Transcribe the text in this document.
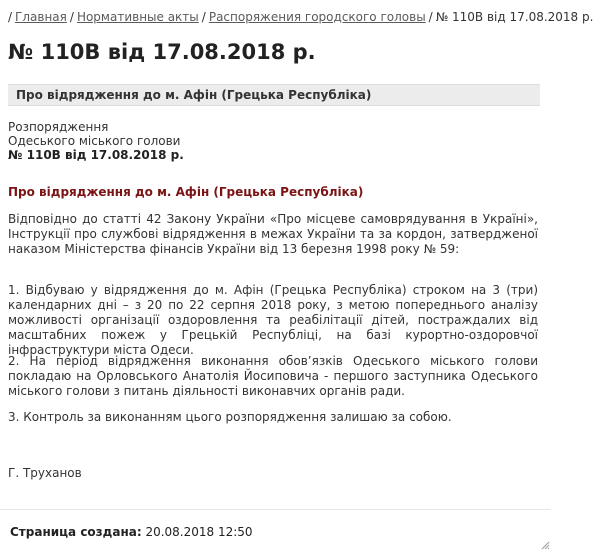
/ Главная / Нормативные акты / Распоряжения городского головы / № 110В від 17.08.2018 р.
№ 110В від 17.08.2018 р.
Про відрядження до м. Афін (Грецька Республіка)
Розпорядження
Одеського міського голови
№ 110В від 17.08.2018 р.
Про відрядження до м. Афін (Грецька Республіка)

Відповідно до статті 42 Закону України «Про місцеве самоврядування в Україні», Інструкції про службові відрядження в межах України та за кордон, затвердженої наказом Міністерства фінансів України від 13 березня 1998 року № 59:

1. Відбуваю у відрядження до м. Афін (Грецька Республіка) строком на 3 (три) календарних дні – з 20 по 22 серпня 2018 року, з метою попереднього аналізу можливості організації оздоровлення та реабілітації дітей, постраждалих від масштабних пожеж у Грецькій Республіці, на базі курортно-оздоровчої інфраструктури міста Одеси.

2. На період відрядження виконання обов’язків Одеського міського голови покладаю на Орловського Анатолія Йосиповича - першого заступника Одеського міського голови з питань діяльності виконавчих органів ради.

3. Контроль за виконанням цього розпорядження залишаю за собою.

Г. Труханов
Страница создана: 20.08.2018 12:50
